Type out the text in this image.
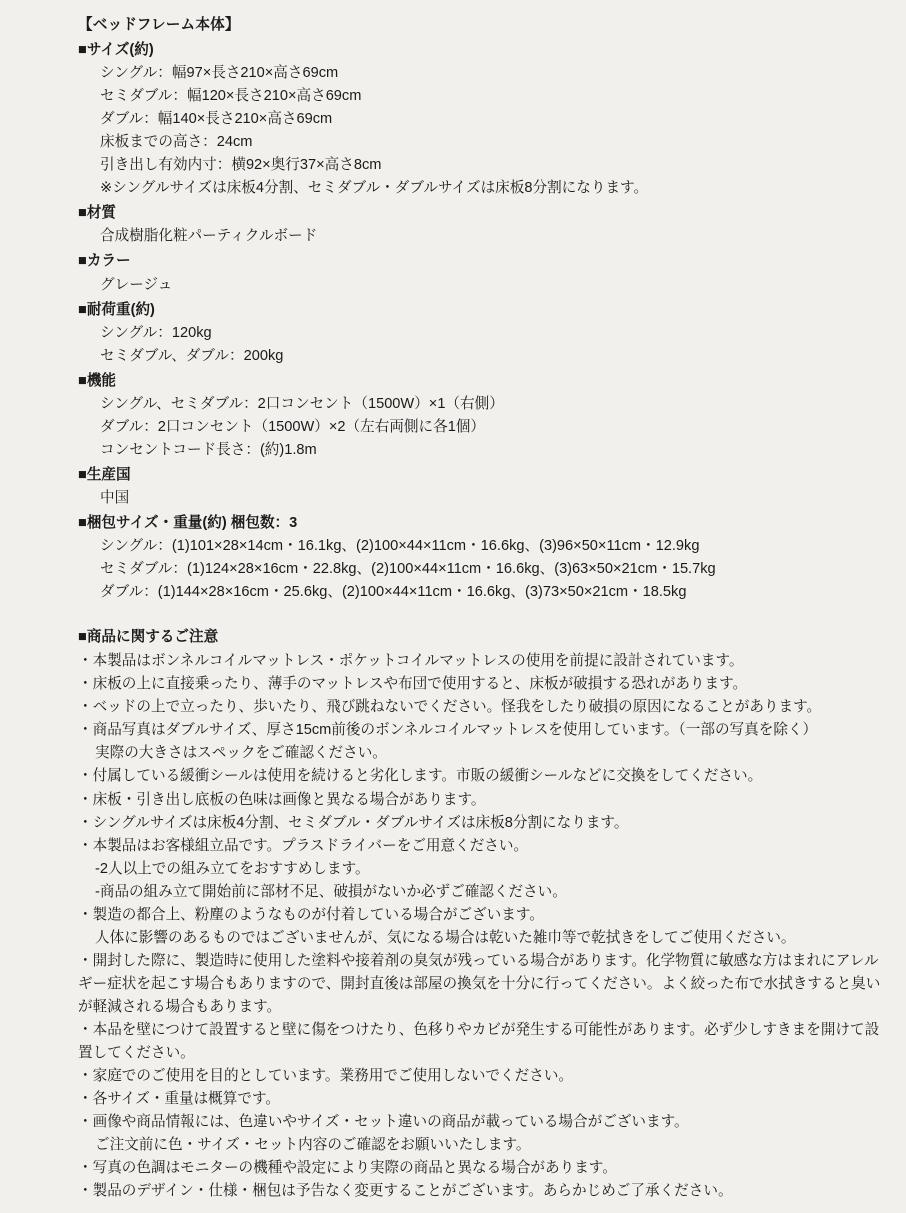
【ベッドフレーム本体】
■サイズ(約)
シングル：幅97×長さ210×高さ69cm
セミダブル：幅120×長さ210×高さ69cm
ダブル：幅140×長さ210×高さ69cm
床板までの高さ：24cm
引き出し有効内寸：横92×奥行37×高さ8cm
※シングルサイズは床板4分割、セミダブル・ダブルサイズは床板8分割になります。
■材質
合成樹脂化粧パーティクルボード
■カラー
グレージュ
■耐荷重(約)
シングル：120kg
セミダブル、ダブル：200kg
■機能
シングル、セミダブル：2口コンセント（1500W）×1（右側）
ダブル：2口コンセント（1500W）×2（左右両側に各1個）
コンセントコード長さ：(約)1.8m
■生産国
中国
■梱包サイズ・重量(約) 梱包数：3
シングル：(1)101×28×14cm・16.1kg、(2)100×44×11cm・16.6kg、(3)96×50×11cm・12.9kg
セミダブル：(1)124×28×16cm・22.8kg、(2)100×44×11cm・16.6kg、(3)63×50×21cm・15.7kg
ダブル：(1)144×28×16cm・25.6kg、(2)100×44×11cm・16.6kg、(3)73×50×21cm・18.5kg
■商品に関するご注意
・本製品はボンネルコイルマットレス・ポケットコイルマットレスの使用を前提に設計されています。
・床板の上に直接乗ったり、薄手のマットレスや布団で使用すると、床板が破損する恐れがあります。
・ベッドの上で立ったり、歩いたり、飛び跳ねないでください。怪我をしたり破損の原因になることがあります。
・商品写真はダブルサイズ、厚さ15cm前後のボンネルコイルマットレスを使用しています。（一部の写真を除く）
実際の大きさはスペックをご確認ください。
・付属している緩衝シールは使用を続けると劣化します。市販の緩衝シールなどに交換をしてください。
・床板・引き出し底板の色味は画像と異なる場合があります。
・シングルサイズは床板4分割、セミダブル・ダブルサイズは床板8分割になります。
・本製品はお客様組立品です。プラスドライバーをご用意ください。
-2人以上での組み立てをおすすめします。
-商品の組み立て開始前に部材不足、破損がないか必ずご確認ください。
・製造の都合上、粉塵のようなものが付着している場合がございます。
人体に影響のあるものではございませんが、気になる場合は乾いた雑巾等で乾拭きをしてご使用ください。
・開封した際に、製造時に使用した塗料や接着剤の臭気が残っている場合があります。化学物質に敏感な方はまれにアレルギー症状を起こす場合もありますので、開封直後は部屋の換気を十分に行ってください。よく絞った布で水拭きすると臭いが軽減される場合もあります。
・本品を壁につけて設置すると壁に傷をつけたり、色移りやカビが発生する可能性があります。必ず少しすきまを開けて設置してください。
・家庭でのご使用を目的としています。業務用でご使用しないでください。
・各サイズ・重量は概算です。
・画像や商品情報には、色違いやサイズ・セット違いの商品が載っている場合がございます。
ご注文前に色・サイズ・セット内容のご確認をお願いいたします。
・写真の色調はモニターの機種や設定により実際の商品と異なる場合があります。
・製品のデザイン・仕様・梱包は予告なく変更することがございます。あらかじめご了承ください。
